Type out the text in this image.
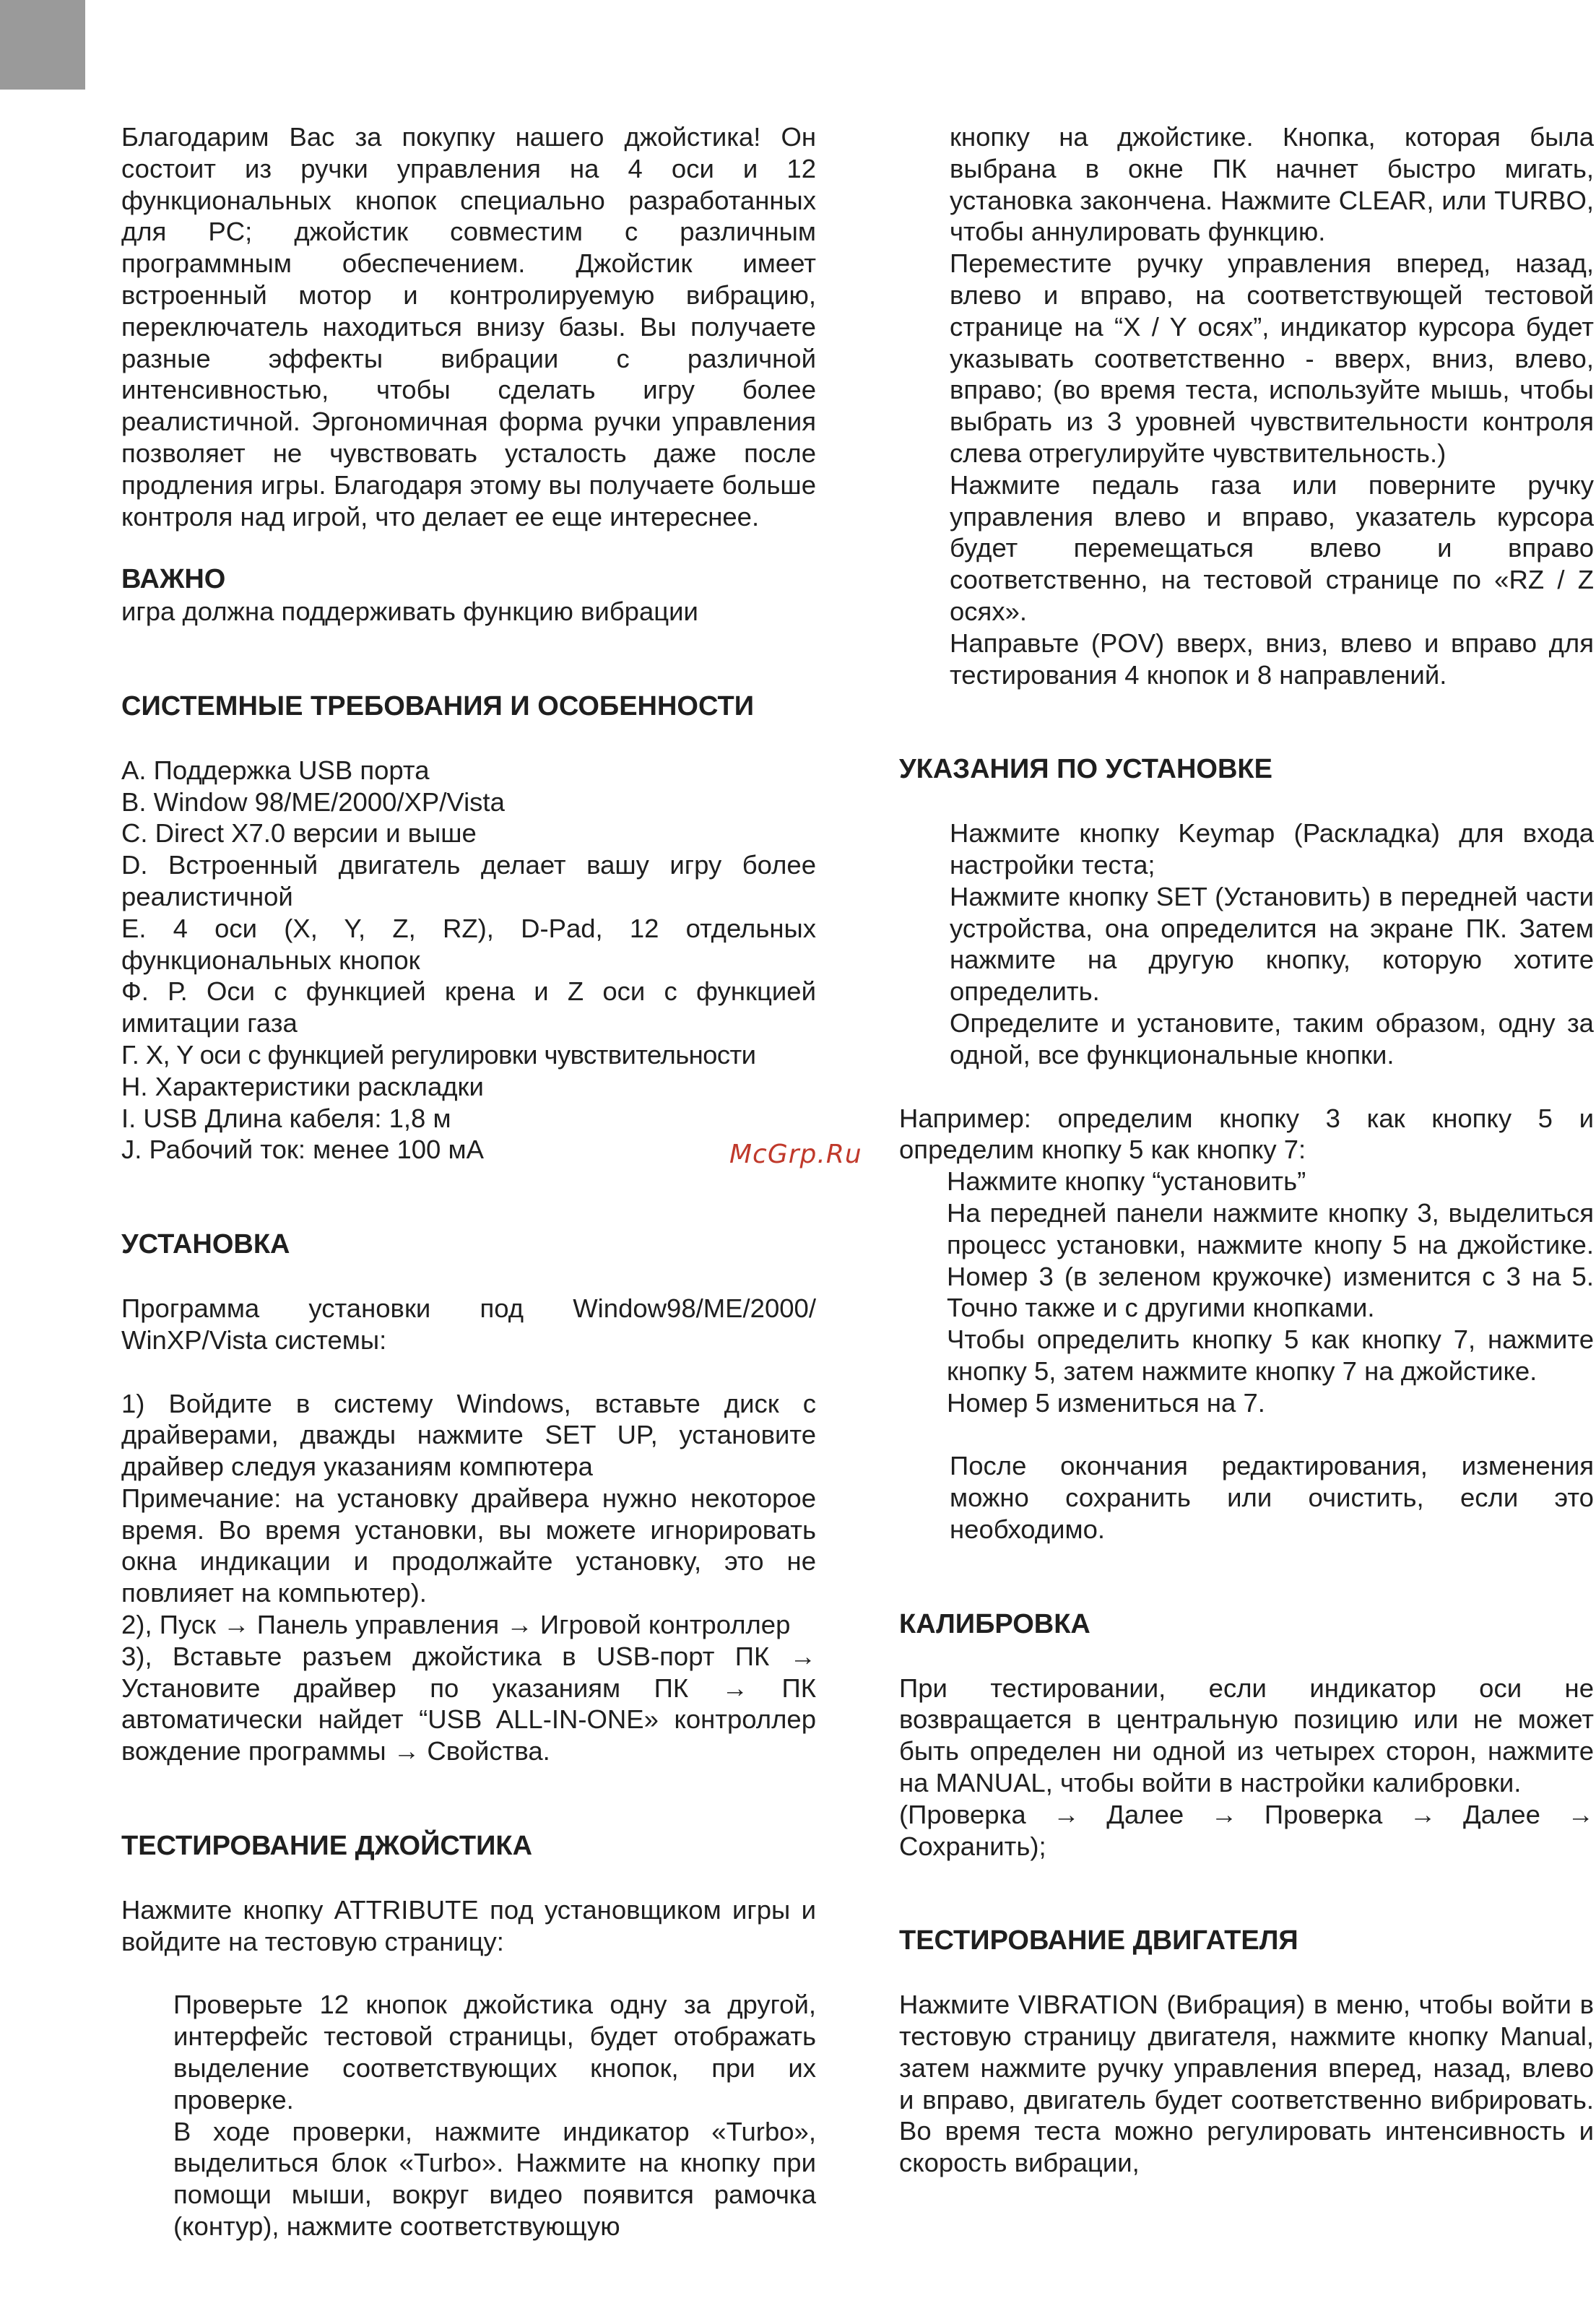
Благодарим Вас за покупку нашего джойстика! Он состоит из ручки управления на 4 оси и 12 функциональных кнопок специально разработанных для PC; джойстик совместим с различным программным обеспечением. Джойстик имеет встроенный мотор и контролируемую вибрацию, переключатель находиться внизу базы. Вы получаете разные эффекты вибрации с различной интенсивностью, чтобы сделать игру более реалистичной. Эргономичная форма ручки управления позволяет не чувствовать усталость даже после продления игры. Благодаря этому вы получаете больше контроля над игрой, что делает ее еще интереснее.

ВАЖНО

игра должна поддерживать функцию вибрации

СИСТЕМНЫЕ ТРЕБОВАНИЯ И ОСОБЕННОСТИ

A. Поддержка USB порта

B. Window 98/ME/2000/XP/Vista

C. Direct X7.0 версии и выше

D. Встроенный двигатель делает вашу игру более реалистичной

E. 4 оси (X, Y, Z, RZ), D-Pad, 12 отдельных функциональных кнопок

Ф. Р. Оси с функцией крена и Z оси с функцией имитации газа

Г. X, Y оси с функцией регулировки чувствительности

H. Характеристики раскладки

I. USB Длина кабеля: 1,8 м

J. Рабочий ток: менее 100 мА

УСТАНОВКА

Программа установки под Window98/ME/2000/ WinXP/Vista системы:

1) Войдите в систему Windows, вставьте диск с драйверами, дважды нажмите SET UP, установите драйвер следуя указаниям компютера

Примечание: на установку драйвера нужно некоторое время. Во время установки, вы можете игнорировать окна индикации и продолжайте установку, это не повлияет на компьютер).

2), Пуск → Панель управления → Игровой контроллер

3), Вставьте разъем джойстика в USB-порт ПК → Установите драйвер по указаниям ПК → ПК автоматически найдет “USB ALL-IN-ONE» контроллер вождение программы → Свойства.

ТЕСТИРОВАНИЕ ДЖОЙСТИКА

Нажмите кнопку ATTRIBUTE под установщиком игры и войдите на тестовую страницу:

Проверьте 12 кнопок джойстика одну за другой, интерфейс тестовой страницы, будет отображать выделение соответствующих кнопок, при их проверке.

В ходе проверки, нажмите индикатор «Turbo», выделиться блок «Turbo». Нажмите на кнопку при помощи мыши, вокруг видео появится рамочка (контур), нажмите соответствующую

McGrp.Ru

кнопку на джойстике. Кнопка, которая была выбрана в окне ПК начнет быстро мигать, установка закончена. Нажмите CLEAR, или TURBO, чтобы аннулировать функцию.

Переместите ручку управления вперед, назад, влево и вправо, на соответствующей тестовой странице на “X / Y осях”, индикатор курсора будет указывать соответственно - вверх, вниз, влево, вправо; (во время теста, используйте мышь, чтобы выбрать из 3 уровней чувствительности контроля слева отрегулируйте чувствительность.)

Нажмите педаль газа или поверните ручку управления влево и вправо, указатель курсора будет перемещаться влево и вправо соответственно, на тестовой странице по «RZ / Z осях».

Направьте (POV) вверх, вниз, влево и вправо для тестирования 4 кнопок и 8 направлений.

УКАЗАНИЯ ПО УСТАНОВКЕ

Нажмите кнопку Keymap (Раскладка) для входа настройки теста;

Нажмите кнопку SET (Установить) в передней части устройства, она определится на экране ПК. Затем нажмите на другую кнопку, которую хотите определить.

Определите и установите, таким образом, одну за одной, все функциональные кнопки.

Например: определим кнопку 3 как кнопку 5 и определим кнопку 5 как кнопку 7:

Нажмите кнопку “установить”

На передней панели нажмите кнопку 3, выделиться процесс установки, нажмите кнопу 5 на джойстике. Номер 3 (в зеленом кружочке) изменится с 3 на 5. Точно также и с другими кнопками.

Чтобы определить кнопку 5 как кнопку 7, нажмите кнопку 5, затем нажмите кнопку 7 на джойстике.

Номер 5 измениться на 7.

После окончания редактирования, изменения можно сохранить или очистить, если это необходимо.

КАЛИБРОВКА

При тестировании, если индикатор оси не возвращается в центральную позицию или не может быть определен ни одной из четырех сторон, нажмите на MANUAL, чтобы войти в настройки калибровки.

(Проверка → Далее → Проверка → Далее → Сохранить);

ТЕСТИРОВАНИЕ ДВИГАТЕЛЯ

Нажмите VIBRATION (Вибрация) в меню, чтобы войти в тестовую страницу двигателя, нажмите кнопку Manual, затем нажмите ручку управления вперед, назад, влево и вправо, двигатель будет соответственно вибрировать. Во время теста можно регулировать интенсивность и скорость вибрации,
